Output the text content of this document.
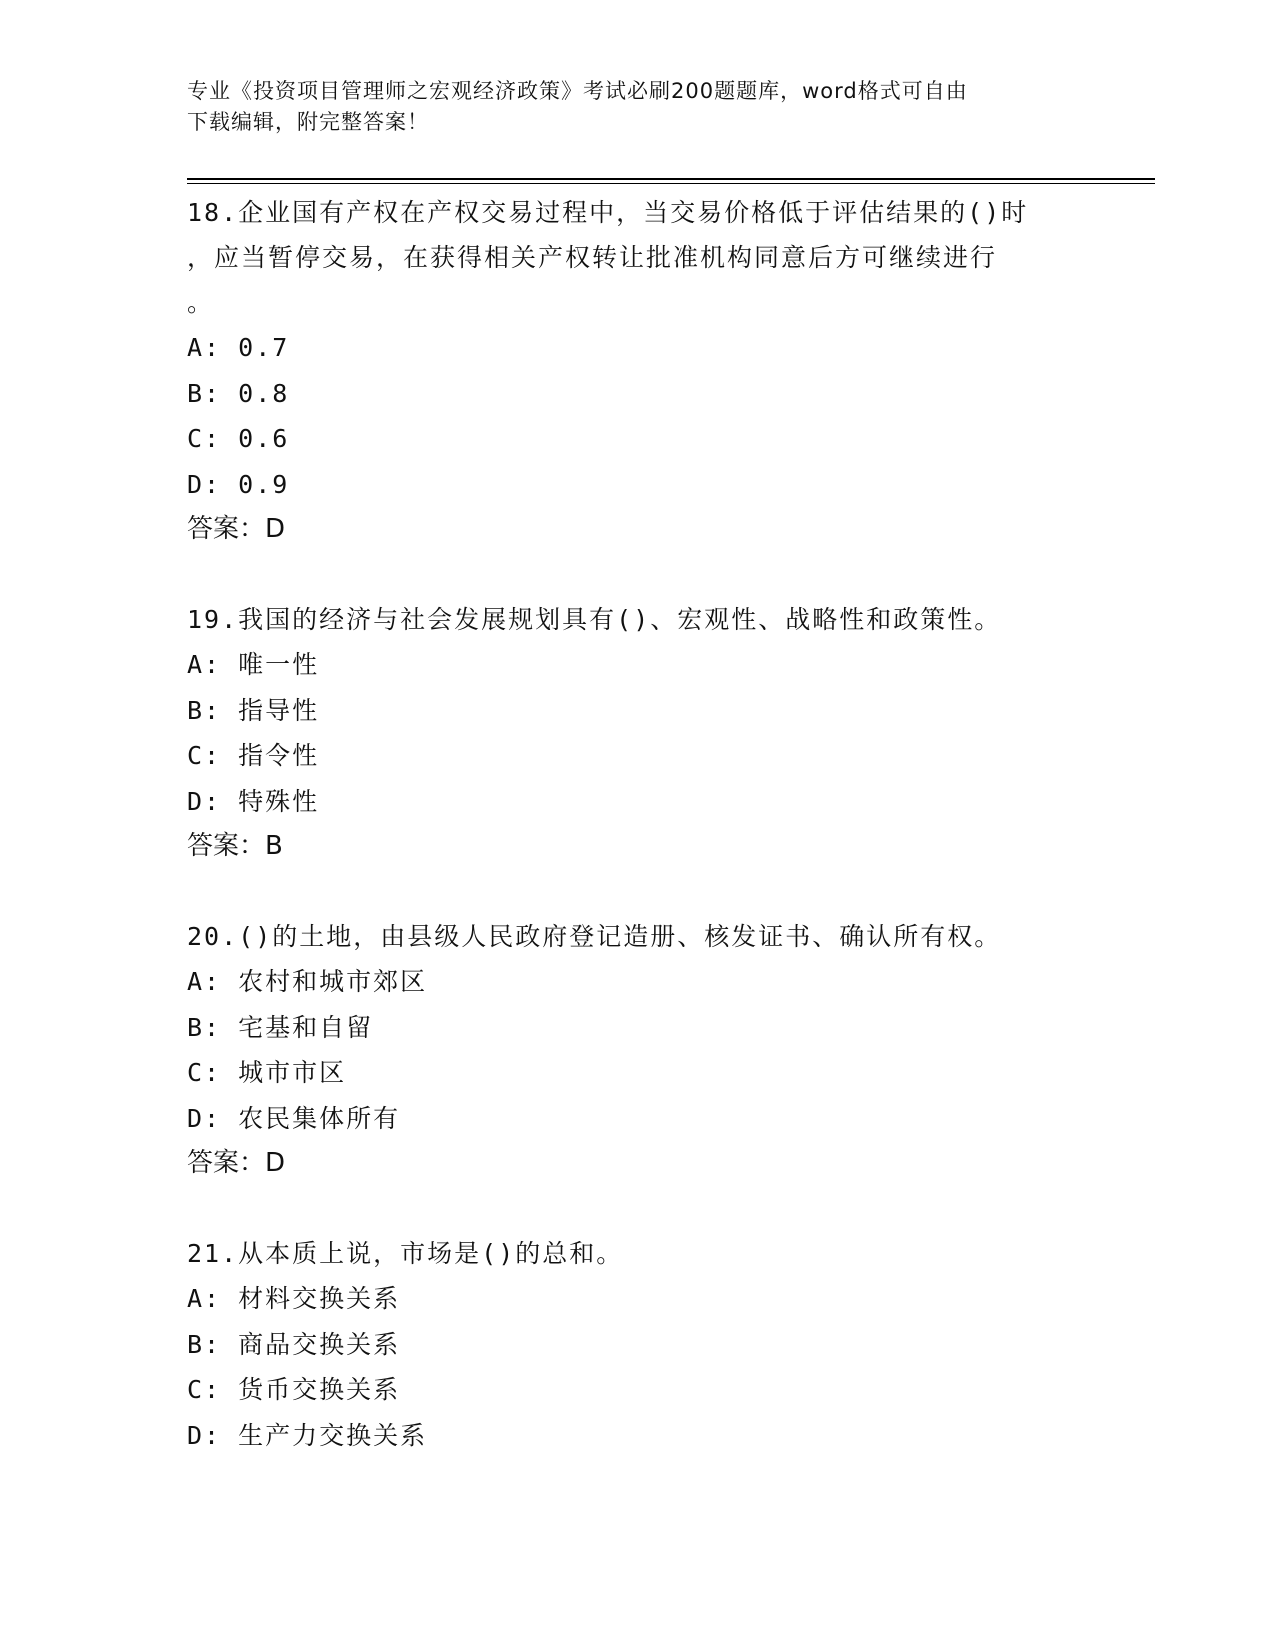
专业《投资项目管理师之宏观经济政策》考试必刷200题题库，word格式可自由
下载编辑，附完整答案！

18.企业国有产权在产权交易过程中，当交易价格低于评估结果的()时

，应当暂停交易，在获得相关产权转让批准机构同意后方可继续进行

。

A: 0.7

B: 0.8

C: 0.6

D: 0.9

答案：D

19.我国的经济与社会发展规划具有()、宏观性、战略性和政策性。

A: 唯一性

B: 指导性

C: 指令性

D: 特殊性

答案：B

20.()的土地，由县级人民政府登记造册、核发证书、确认所有权。

A: 农村和城市郊区

B: 宅基和自留

C: 城市市区

D: 农民集体所有

答案：D

21.从本质上说，市场是()的总和。

A: 材料交换关系

B: 商品交换关系

C: 货币交换关系

D: 生产力交换关系
